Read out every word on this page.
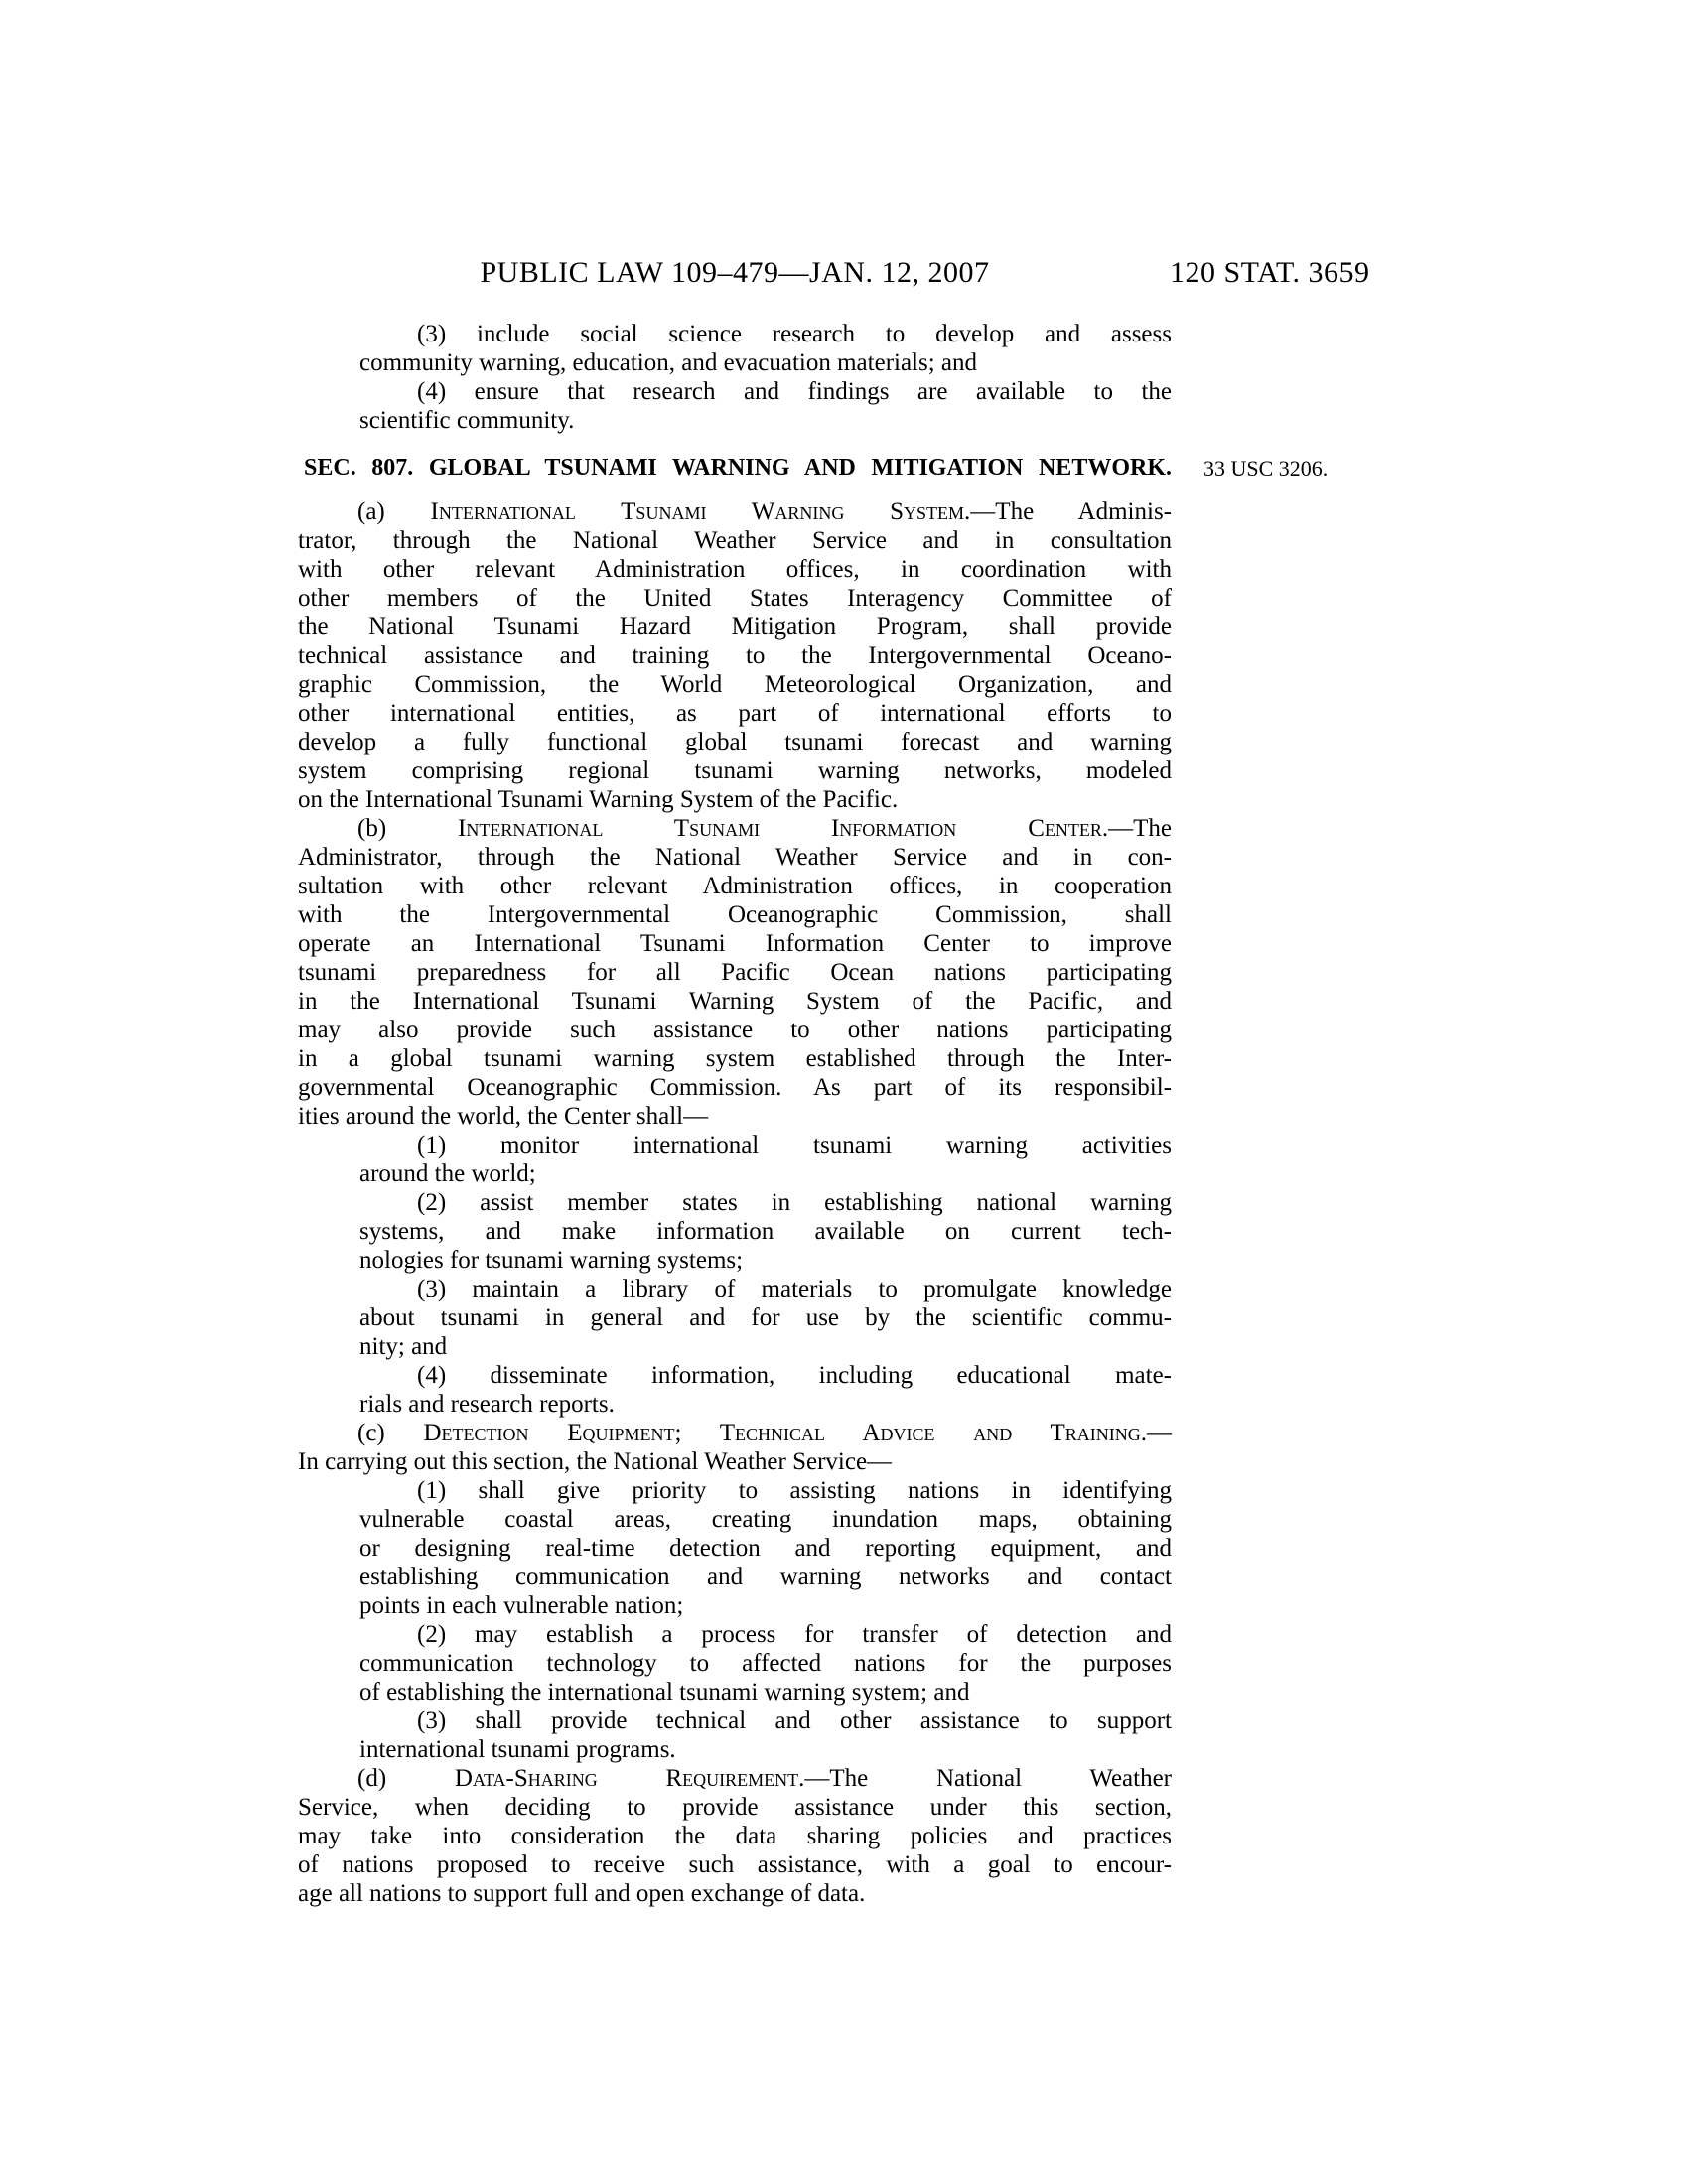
PUBLIC LAW 109–479—JAN. 12, 2007	120 STAT. 3659
33 USC 3206.
(3) include social science research to develop and assess
community warning, education, and evacuation materials; and
(4) ensure that research and findings are available to the
scientific community.
SEC. 807. GLOBAL TSUNAMI WARNING AND MITIGATION NETWORK.
(a) International Tsunami Warning System.—The Adminis-
trator, through the National Weather Service and in consultation
with other relevant Administration offices, in coordination with
other members of the United States Interagency Committee of
the National Tsunami Hazard Mitigation Program, shall provide
technical assistance and training to the Intergovernmental Oceano-
graphic Commission, the World Meteorological Organization, and
other international entities, as part of international efforts to
develop a fully functional global tsunami forecast and warning
system comprising regional tsunami warning networks, modeled
on the International Tsunami Warning System of the Pacific.
(b) International Tsunami Information Center.—The
Administrator, through the National Weather Service and in con-
sultation with other relevant Administration offices, in cooperation
with the Intergovernmental Oceanographic Commission, shall
operate an International Tsunami Information Center to improve
tsunami preparedness for all Pacific Ocean nations participating
in the International Tsunami Warning System of the Pacific, and
may also provide such assistance to other nations participating
in a global tsunami warning system established through the Inter-
governmental Oceanographic Commission. As part of its responsibil-
ities around the world, the Center shall—
(1) monitor international tsunami warning activities
around the world;
(2) assist member states in establishing national warning
systems, and make information available on current tech-
nologies for tsunami warning systems;
(3) maintain a library of materials to promulgate knowledge
about tsunami in general and for use by the scientific commu-
nity; and
(4) disseminate information, including educational mate-
rials and research reports.
(c) Detection Equipment; Technical Advice and Training.—
In carrying out this section, the National Weather Service—
(1) shall give priority to assisting nations in identifying
vulnerable coastal areas, creating inundation maps, obtaining
or designing real-time detection and reporting equipment, and
establishing communication and warning networks and contact
points in each vulnerable nation;
(2) may establish a process for transfer of detection and
communication technology to affected nations for the purposes
of establishing the international tsunami warning system; and
(3) shall provide technical and other assistance to support
international tsunami programs.
(d) Data-Sharing Requirement.—The National Weather
Service, when deciding to provide assistance under this section,
may take into consideration the data sharing policies and practices
of nations proposed to receive such assistance, with a goal to encour-
age all nations to support full and open exchange of data.
